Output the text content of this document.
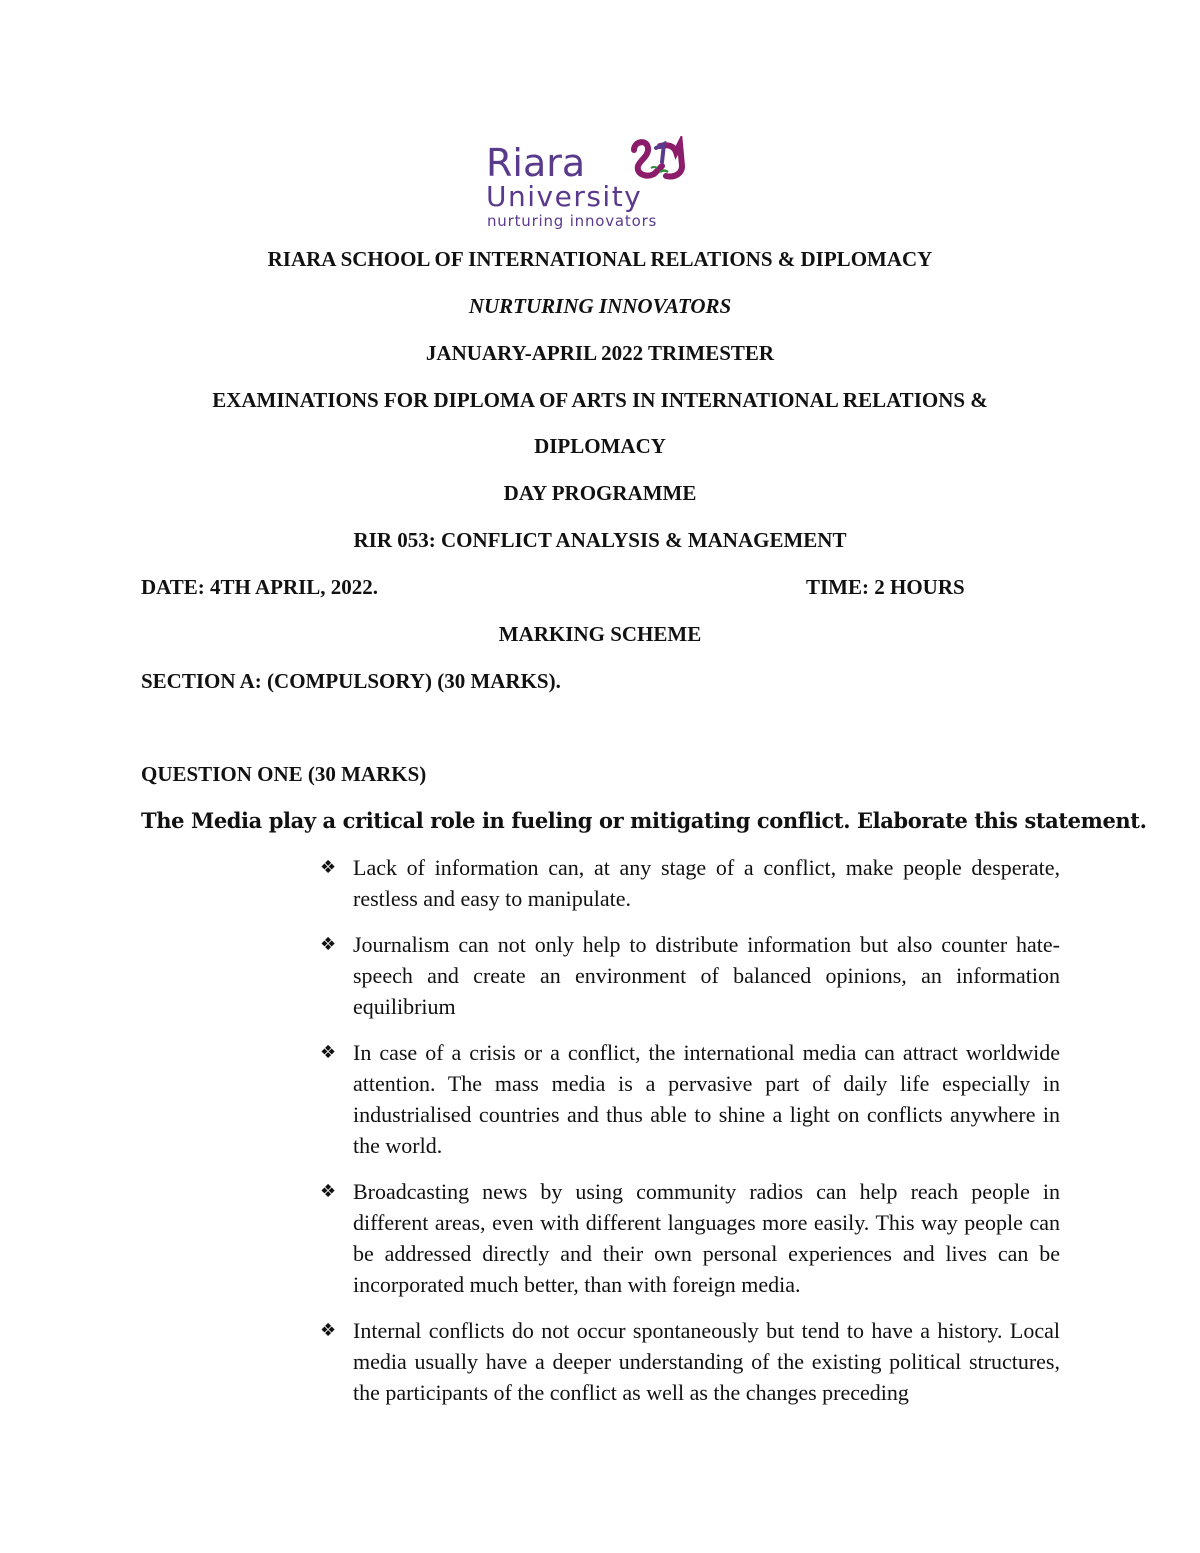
Riara
University
nurturing innovators
RIARA SCHOOL OF INTERNATIONAL RELATIONS & DIPLOMACY
NURTURING INNOVATORS
JANUARY-APRIL 2022 TRIMESTER
EXAMINATIONS FOR DIPLOMA OF ARTS IN INTERNATIONAL RELATIONS &
DIPLOMACY
DAY PROGRAMME
RIR 053: CONFLICT ANALYSIS & MANAGEMENT
DATE: 4TH APRIL, 2022.	TIME: 2 HOURS
MARKING SCHEME
SECTION A: (COMPULSORY) (30 MARKS).
QUESTION ONE (30 MARKS)
The Media play a critical role in fueling or mitigating conflict. Elaborate this statement.
❖ Lack of information can, at any stage of a conflict, make people desperate, restless and easy to manipulate.
❖ Journalism can not only help to distribute information but also counter hate-speech and create an environment of balanced opinions, an information equilibrium
❖ In case of a crisis or a conflict, the international media can attract worldwide attention. The mass media is a pervasive part of daily life especially in industrialised countries and thus able to shine a light on conflicts anywhere in the world.
❖ Broadcasting news by using community radios can help reach people in different areas, even with different languages more easily. This way people can be addressed directly and their own personal experiences and lives can be incorporated much better, than with foreign media.
❖ Internal conflicts do not occur spontaneously but tend to have a history. Local media usually have a deeper understanding of the existing political structures, the participants of the conflict as well as the changes preceding
